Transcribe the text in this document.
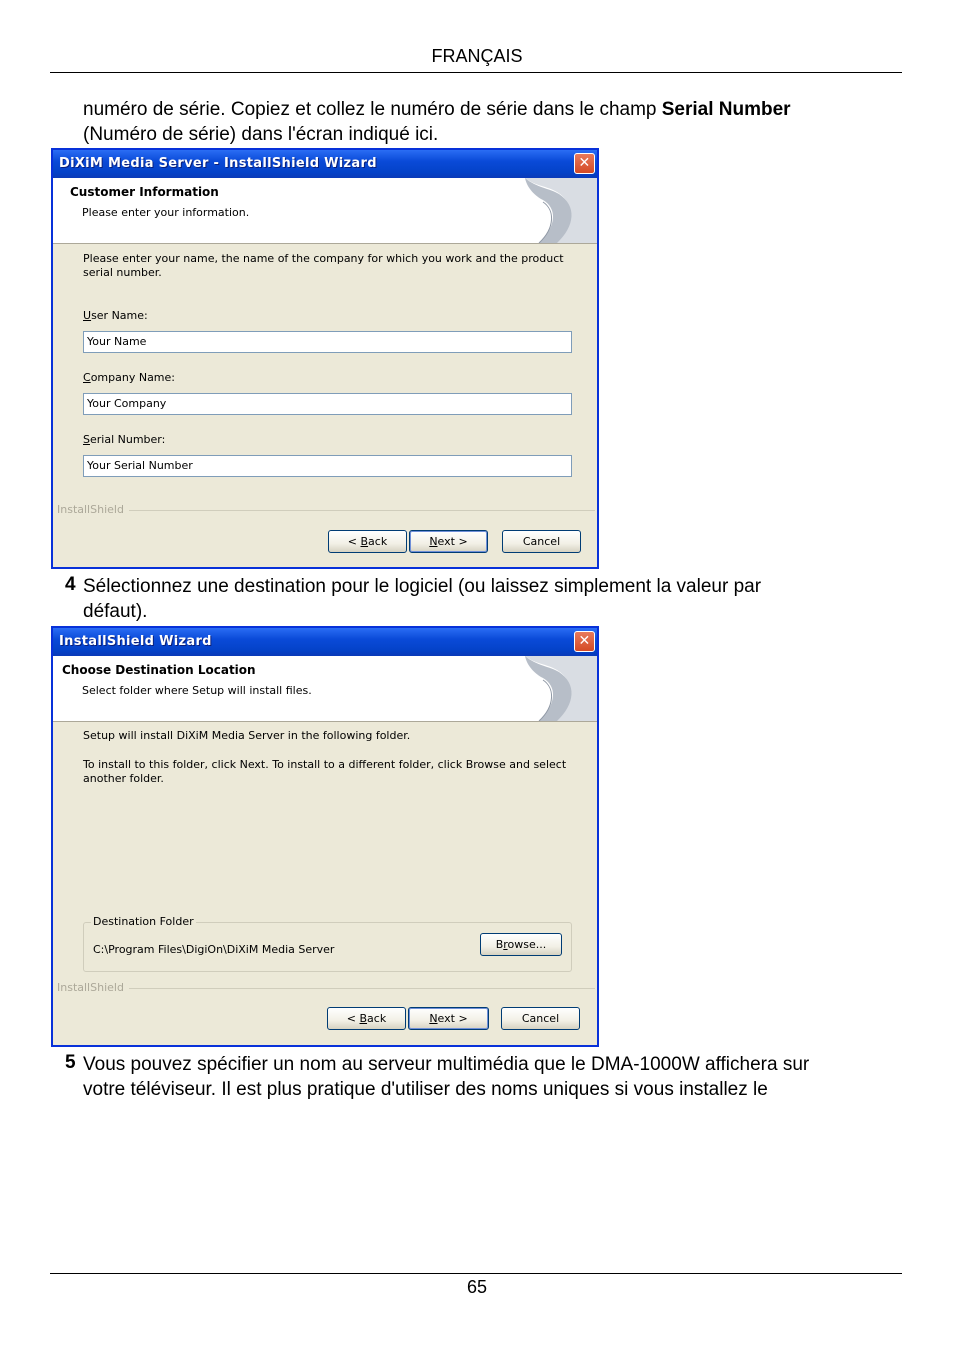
FRANÇAIS
numéro de série. Copiez et collez le numéro de série dans le champ Serial Number
(Numéro de série) dans l'écran indiqué ici.
DiXiM Media Server - InstallShield Wizard	✕
Customer Information
Please enter your information.
Please enter your name, the name of the company for which you work and the product
serial number.
User Name:
Your Name
Company Name:
Your Company
Serial Number:
Your Serial Number
InstallShield
< Back	Next >	Cancel
4 Sélectionnez une destination pour le logiciel (ou laissez simplement la valeur par
défaut).
InstallShield Wizard	✕
Choose Destination Location
Select folder where Setup will install files.
Setup will install DiXiM Media Server in the following folder.
To install to this folder, click Next. To install to a different folder, click Browse and select
another folder.
Destination Folder
C:\Program Files\DigiOn\DiXiM Media Server	Browse...
InstallShield
< Back	Next >	Cancel
5 Vous pouvez spécifier un nom au serveur multimédia que le DMA-1000W affichera sur
votre téléviseur. Il est plus pratique d'utiliser des noms uniques si vous installez le
65
